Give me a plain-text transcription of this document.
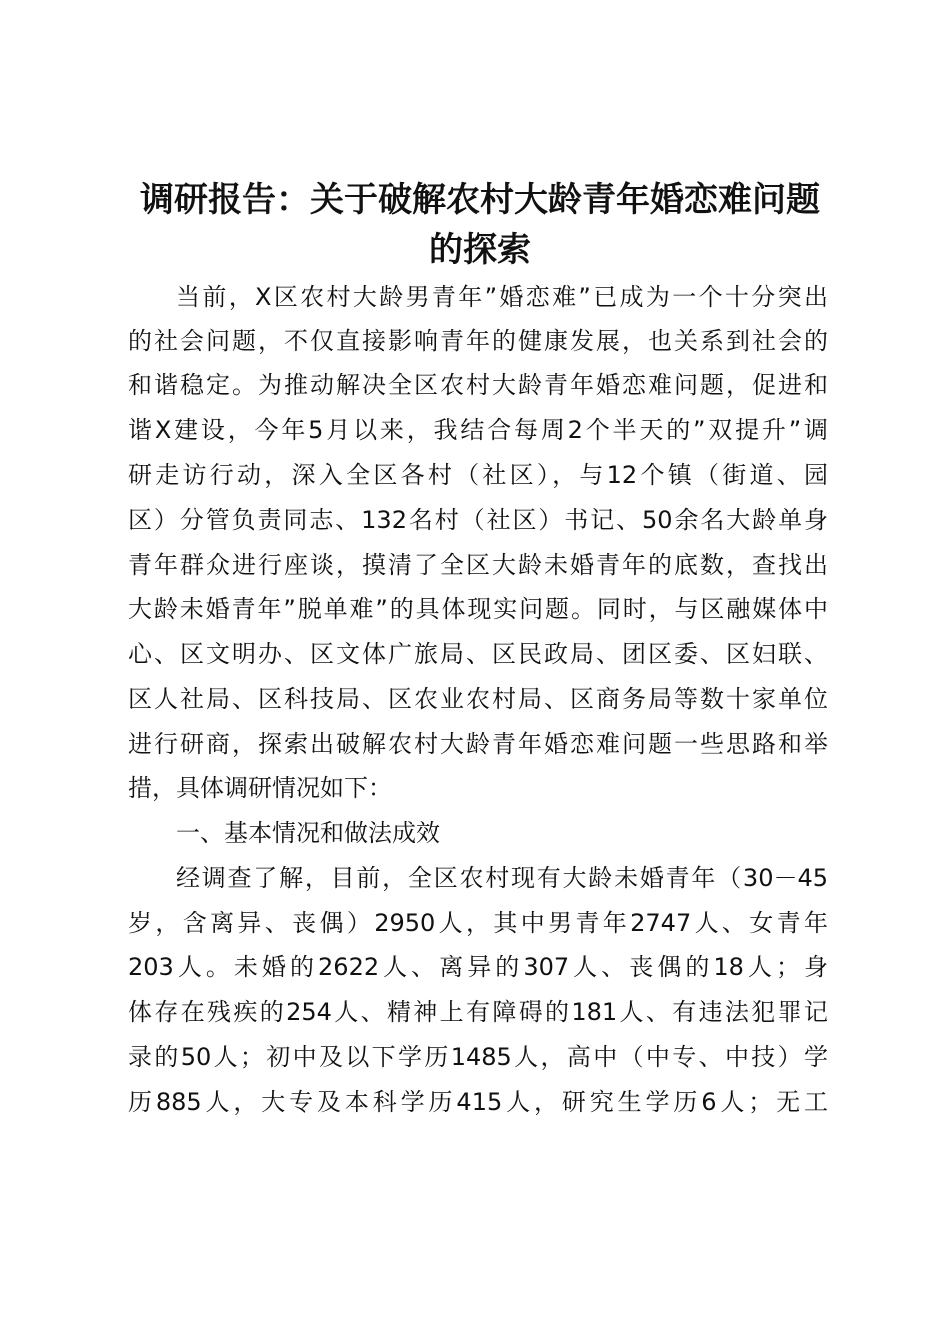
调研报告：关于破解农村大龄青年婚恋难问题
的探索
当前，X区农村大龄男青年”婚恋难”已成为一个十分突出
的社会问题，不仅直接影响青年的健康发展，也关系到社会的
和谐稳定。为推动解决全区农村大龄青年婚恋难问题，促进和
谐X建设，今年5月以来，我结合每周2个半天的”双提升”调
研走访行动，深入全区各村（社区），与12个镇（街道、园
区）分管负责同志、132名村（社区）书记、50余名大龄单身
青年群众进行座谈，摸清了全区大龄未婚青年的底数，查找出
大龄未婚青年”脱单难”的具体现实问题。同时，与区融媒体中
心、区文明办、区文体广旅局、区民政局、团区委、区妇联、
区人社局、区科技局、区农业农村局、区商务局等数十家单位
进行研商，探索出破解农村大龄青年婚恋难问题一些思路和举
措，具体调研情况如下：
一、基本情况和做法成效
经调查了解，目前，全区农村现有大龄未婚青年（30－45
岁，含离异、丧偶）2950人，其中男青年2747人、女青年
203人。未婚的2622人、离异的307人、丧偶的18人；身
体存在残疾的254人、精神上有障碍的181人、有违法犯罪记
录的50人；初中及以下学历1485人，高中（中专、中技）学
历885人，大专及本科学历415人，研究生学历6人；无工
